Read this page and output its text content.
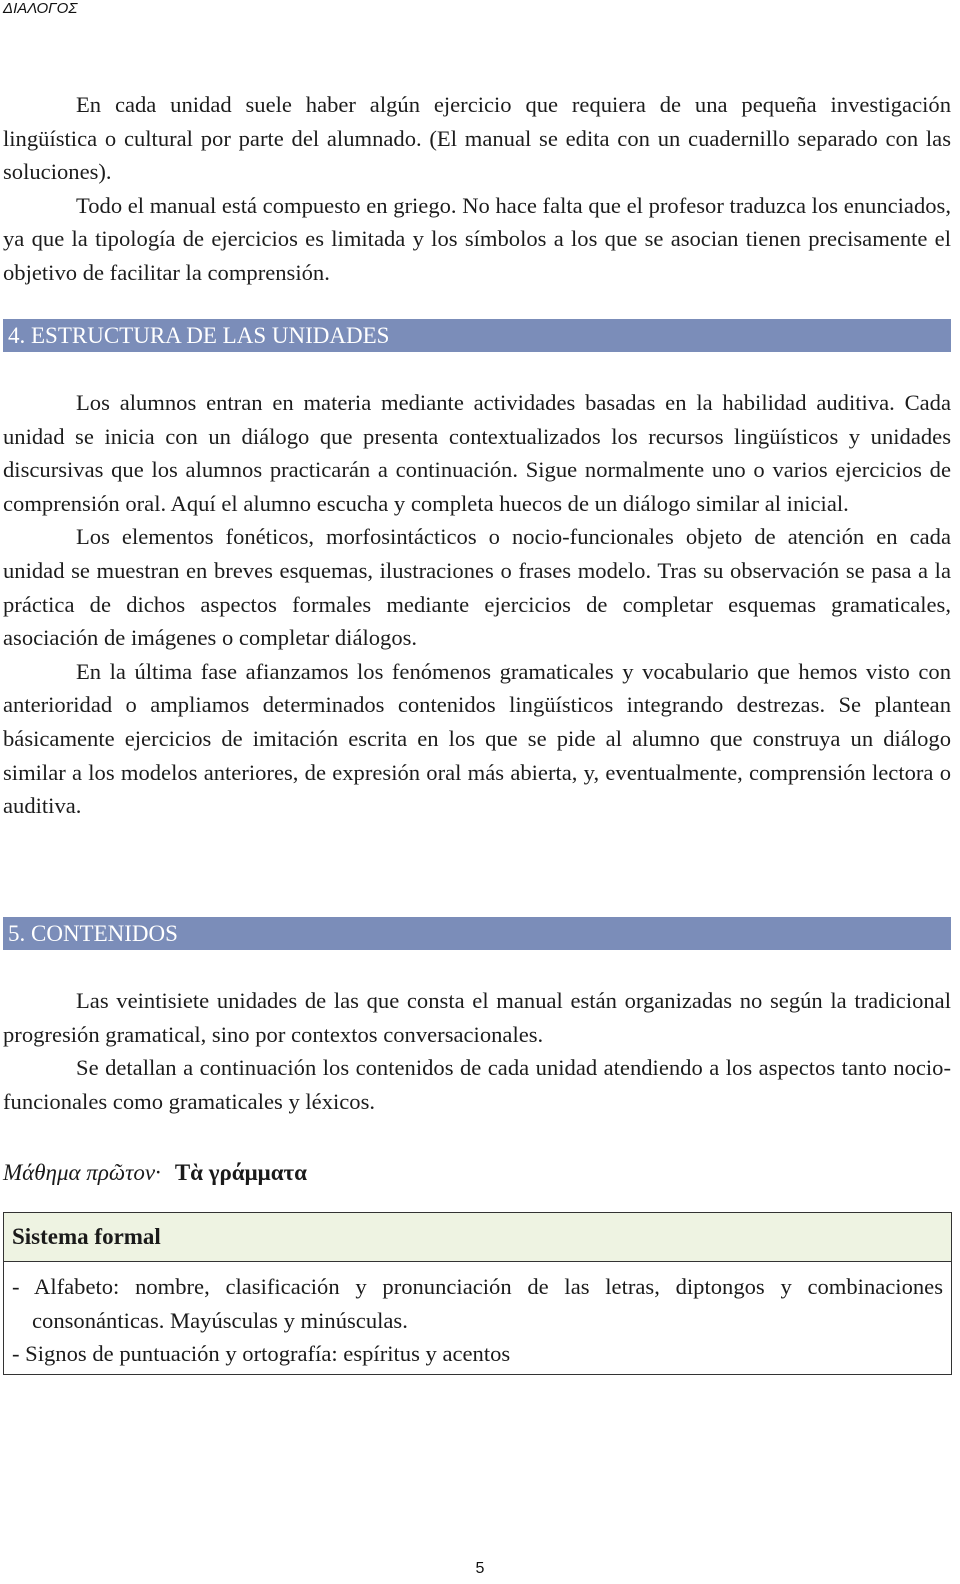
ΔΙΑΛΟΓΟΣ

En cada unidad suele haber algún ejercicio que requiera de una pequeña investigación lingüística o cultural por parte del alumnado. (El manual se edita con un cuadernillo separado con las soluciones).

Todo el manual está compuesto en griego. No hace falta que el profesor traduzca los enunciados, ya que la tipología de ejercicios es limitada y los símbolos a los que se asocian tienen precisamente el objetivo de facilitar la comprensión.

4. ESTRUCTURA DE LAS UNIDADES

Los alumnos entran en materia mediante actividades basadas en la habilidad auditiva. Cada unidad se inicia con un diálogo que presenta contextualizados los recursos lingüísticos y unidades discursivas que los alumnos practicarán a continuación. Sigue normalmente uno o varios ejercicios de comprensión oral. Aquí el alumno escucha y completa huecos de un diálogo similar al inicial.

Los elementos fonéticos, morfosintácticos o nocio-funcionales objeto de atención en cada unidad se muestran en breves esquemas, ilustraciones o frases modelo. Tras su observación se pasa a la práctica de dichos aspectos formales mediante ejercicios de completar esquemas gramaticales, asociación de imágenes o completar diálogos.

En la última fase afianzamos los fenómenos gramaticales y vocabulario que hemos visto con anterioridad o ampliamos determinados contenidos lingüísticos integrando destrezas. Se plantean básicamente ejercicios de imitación escrita en los que se pide al alumno que construya un diálogo similar a los modelos anteriores, de expresión oral más abierta, y, eventualmente, comprensión lectora o auditiva.

5. CONTENIDOS

Las veintisiete unidades de las que consta el manual están organizadas no según la tradicional progresión gramatical, sino por contextos conversacionales.

Se detallan a continuación los contenidos de cada unidad atendiendo a los aspectos tanto nocio-funcionales como gramaticales y léxicos.

Μάθημα πρῶτον· Τὰ γράμματα
Sistema formal

- Alfabeto: nombre, clasificación y pronunciación de las letras, diptongos y combinaciones consonánticas. Mayúsculas y minúsculas.

- Signos de puntuación y ortografía: espíritus y acentos

5
